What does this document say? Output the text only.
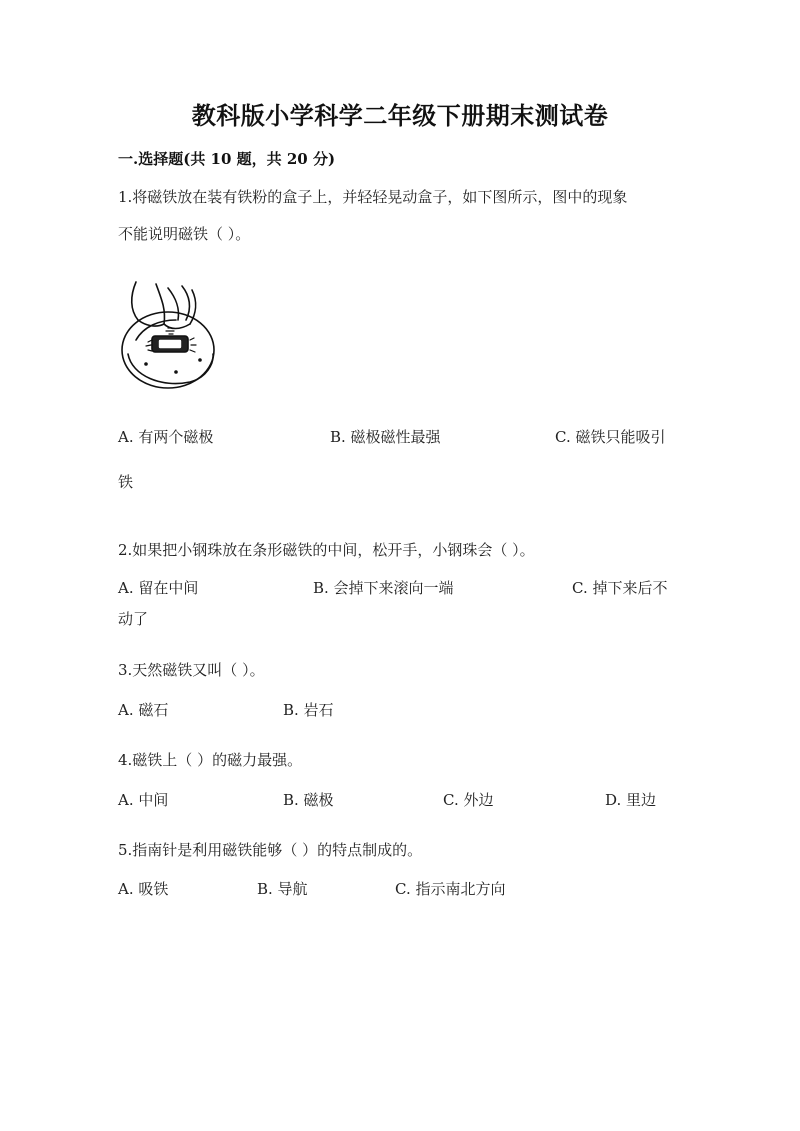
教科版小学科学二年级下册期末测试卷
一.选择题(共 10 题，共 20 分)
1.将磁铁放在装有铁粉的盒子上，并轻轻晃动盒子，如下图所示，图中的现象
不能说明磁铁（ ）。
A. 有两个磁极	B. 磁极磁性最强	C. 磁铁只能吸引
铁
2.如果把小钢珠放在条形磁铁的中间，松开手，小钢珠会（ ）。
A. 留在中间	B. 会掉下来滚向一端	C. 掉下来后不
动了
3.天然磁铁又叫（ ）。
A. 磁石	B. 岩石
4.磁铁上（ ）的磁力最强。
A. 中间	B. 磁极	C. 外边	D. 里边
5.指南针是利用磁铁能够（ ）的特点制成的。
A. 吸铁	B. 导航	C. 指示南北方向
